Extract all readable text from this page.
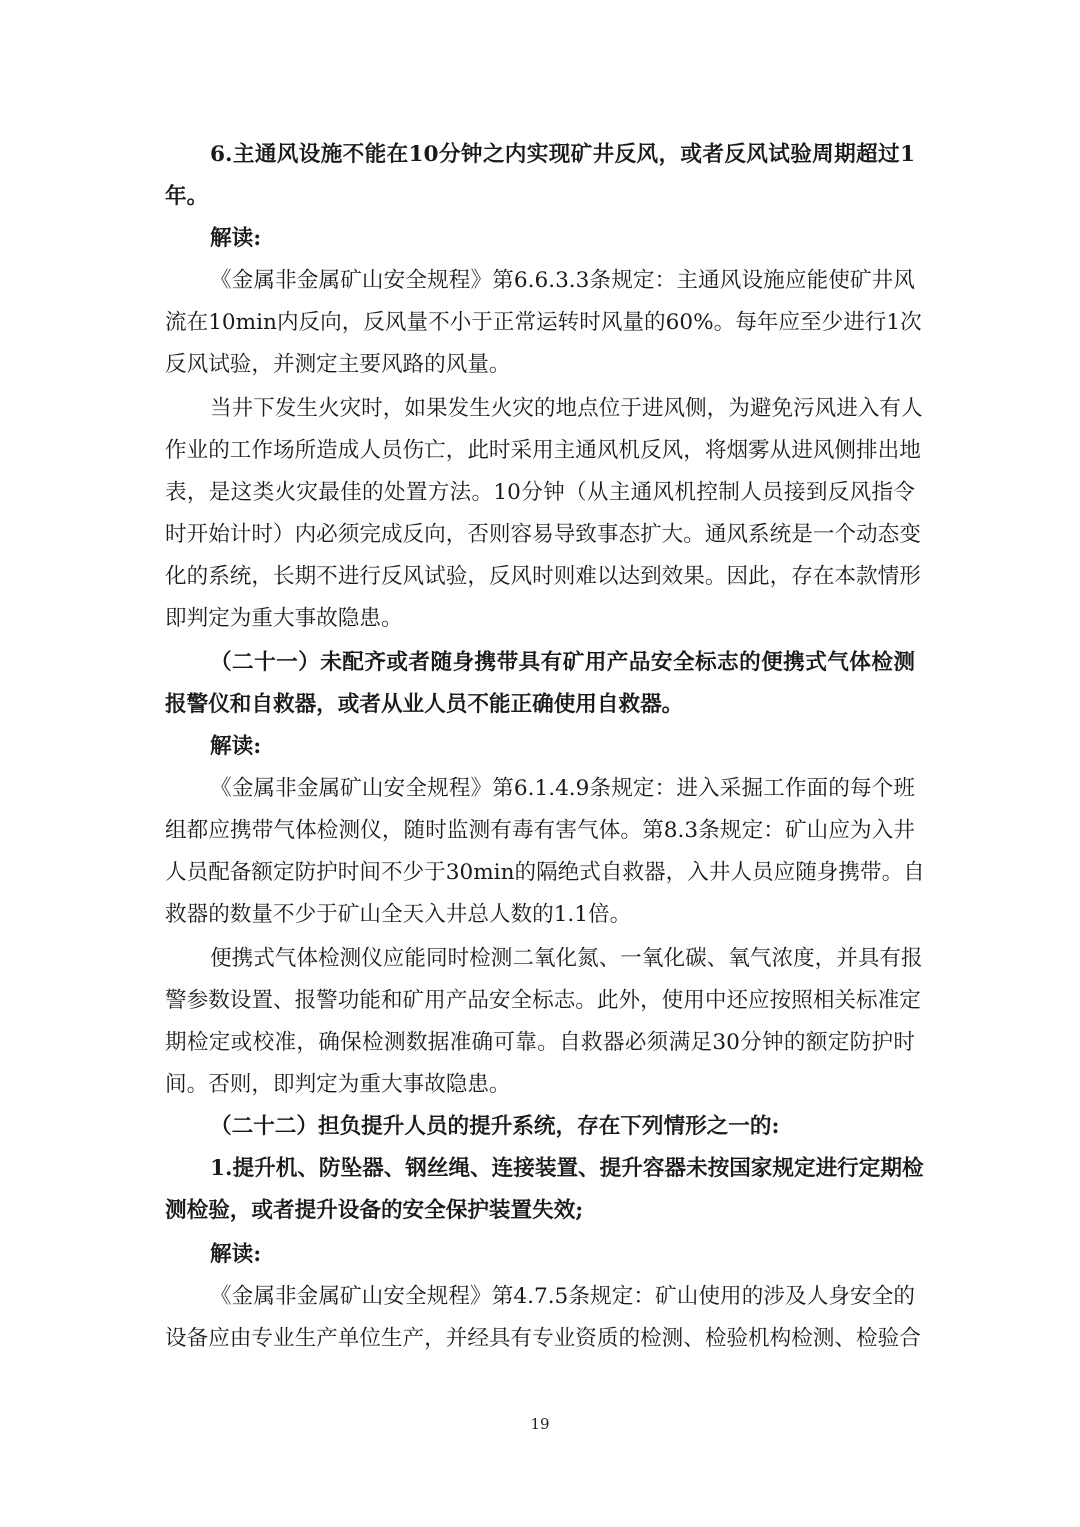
6.主通风设施不能在10分钟之内实现矿井反风，或者反风试验周期超过1
年。
解读:
《金属非金属矿山安全规程》第6.6.3.3条规定：主通风设施应能使矿井风
流在10min内反向，反风量不小于正常运转时风量的60%。每年应至少进行1次
反风试验，并测定主要风路的风量。
当井下发生火灾时，如果发生火灾的地点位于进风侧，为避免污风进入有人
作业的工作场所造成人员伤亡，此时采用主通风机反风，将烟雾从进风侧排出地
表，是这类火灾最佳的处置方法。10分钟（从主通风机控制人员接到反风指令
时开始计时）内必须完成反向，否则容易导致事态扩大。通风系统是一个动态变
化的系统，长期不进行反风试验，反风时则难以达到效果。因此，存在本款情形
即判定为重大事故隐患。
（二十一）未配齐或者随身携带具有矿用产品安全标志的便携式气体检测
报警仪和自救器，或者从业人员不能正确使用自救器。
解读:
《金属非金属矿山安全规程》第6.1.4.9条规定：进入采掘工作面的每个班
组都应携带气体检测仪，随时监测有毒有害气体。第8.3条规定：矿山应为入井
人员配备额定防护时间不少于30min的隔绝式自救器，入井人员应随身携带。自
救器的数量不少于矿山全天入井总人数的1.1倍。
便携式气体检测仪应能同时检测二氧化氮、一氧化碳、氧气浓度，并具有报
警参数设置、报警功能和矿用产品安全标志。此外，使用中还应按照相关标准定
期检定或校准，确保检测数据准确可靠。自救器必须满足30分钟的额定防护时
间。否则，即判定为重大事故隐患。
（二十二）担负提升人员的提升系统，存在下列情形之一的:
1.提升机、防坠器、钢丝绳、连接装置、提升容器未按国家规定进行定期检
测检验，或者提升设备的安全保护装置失效;
解读:
《金属非金属矿山安全规程》第4.7.5条规定：矿山使用的涉及人身安全的
设备应由专业生产单位生产，并经具有专业资质的检测、检验机构检测、检验合
19
